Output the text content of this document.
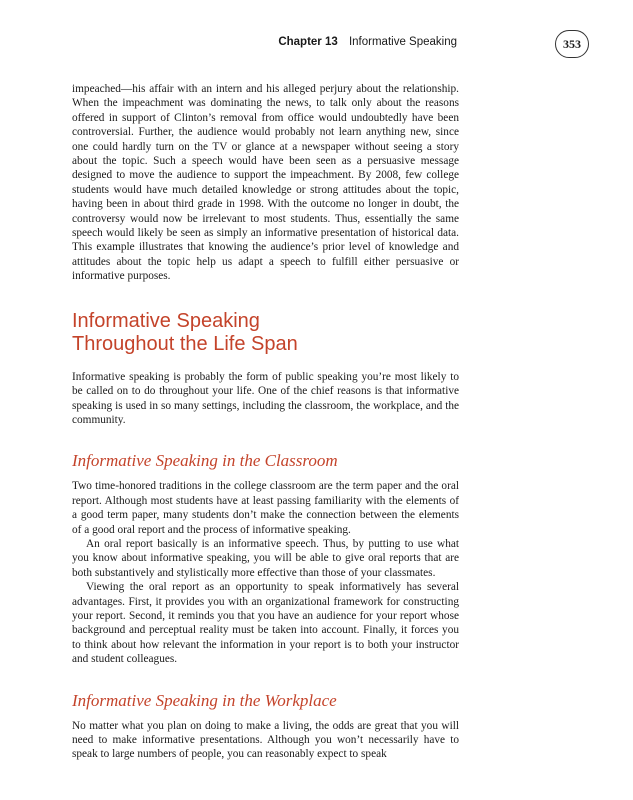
Chapter 13 Informative Speaking	353

impeached—his affair with an intern and his alleged perjury about the relationship. When the impeachment was dominating the news, to talk only about the reasons offered in support of Clinton’s removal from office would undoubtedly have been controversial. Further, the audience would probably not learn anything new, since one could hardly turn on the TV or glance at a newspaper without seeing a story about the topic. Such a speech would have been seen as a persuasive message designed to move the audience to support the impeachment. By 2008, few college students would have much detailed knowledge or strong attitudes about the topic, having been in about third grade in 1998. With the outcome no longer in doubt, the controversy would now be irrelevant to most students. Thus, essentially the same speech would likely be seen as simply an informative presentation of historical data. This example illustrates that knowing the audience’s prior level of knowledge and attitudes about the topic help us adapt a speech to fulfill either persuasive or informative purposes.

Informative Speaking
Throughout the Life Span

Informative speaking is probably the form of public speaking you’re most likely to be called on to do throughout your life. One of the chief reasons is that informative speaking is used in so many settings, including the classroom, the workplace, and the community.

Informative Speaking in the Classroom

Two time-honored traditions in the college classroom are the term paper and the oral report. Although most students have at least passing familiarity with the elements of a good term paper, many students don’t make the connection between the elements of a good oral report and the process of informative speaking.

An oral report basically is an informative speech. Thus, by putting to use what you know about informative speaking, you will be able to give oral reports that are both substantively and stylistically more effective than those of your classmates.

Viewing the oral report as an opportunity to speak informatively has several advantages. First, it provides you with an organizational framework for constructing your report. Second, it reminds you that you have an audience for your report whose background and perceptual reality must be taken into account. Finally, it forces you to think about how relevant the information in your report is to both your instructor and student colleagues.

Informative Speaking in the Workplace

No matter what you plan on doing to make a living, the odds are great that you will need to make informative presentations. Although you won’t necessarily have to speak to large numbers of people, you can reasonably expect to speak
